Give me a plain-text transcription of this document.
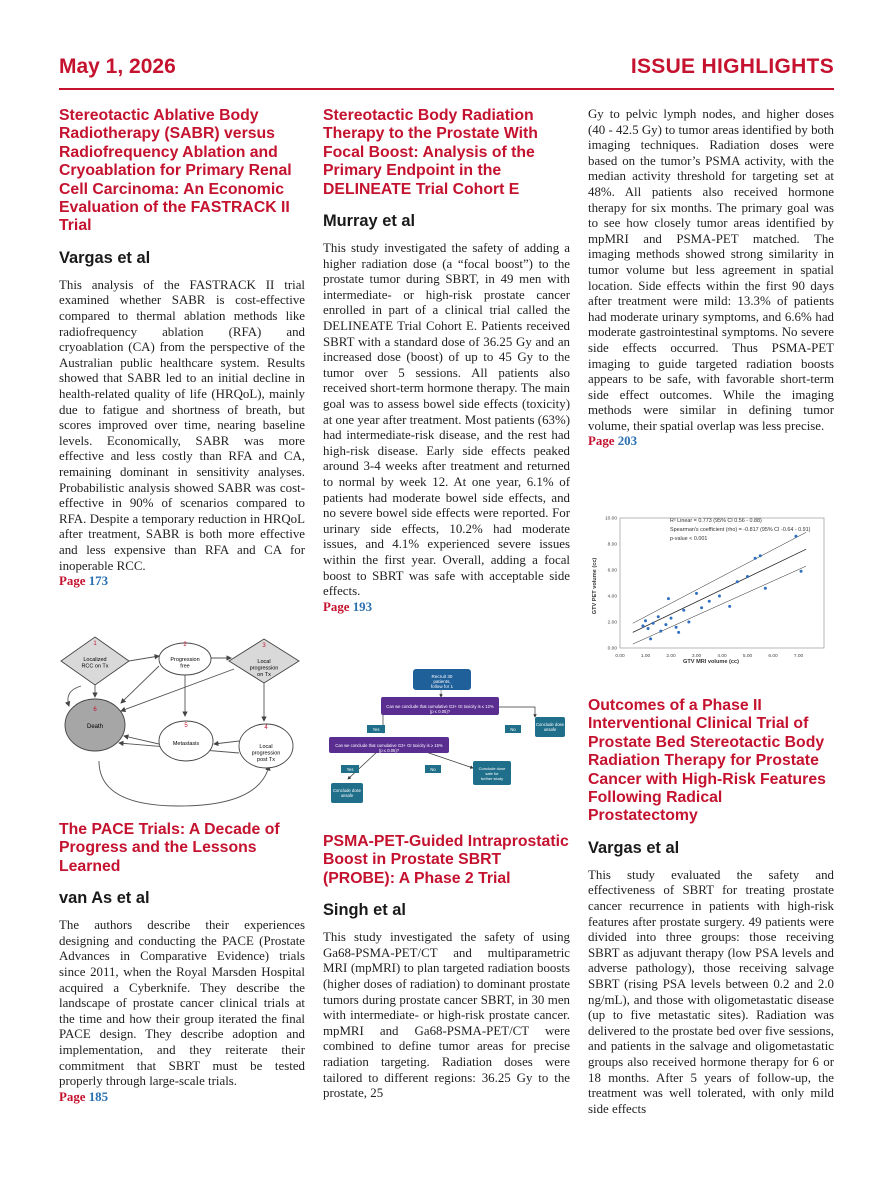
May 1, 2026	ISSUE HIGHLIGHTS
Stereotactic Ablative Body Radiotherapy (SABR) versus Radiofrequency Ablation and Cryoablation for Primary Renal Cell Carcinoma: An Economic Evaluation of the FASTRACK II Trial
Vargas et al

This analysis of the FASTRACK II trial examined whether SABR is cost-effective compared to thermal ablation methods like radiofrequency ablation (RFA) and cryoablation (CA) from the perspective of the Australian public healthcare system. Results showed that SABR led to an initial decline in health-related quality of life (HRQoL), mainly due to fatigue and shortness of breath, but scores improved over time, nearing baseline levels. Economically, SABR was more effective and less costly than RFA and CA, remaining dominant in sensitivity analyses. Probabilistic analysis showed SABR was cost-effective in 90% of scenarios compared to RFA. Despite a temporary reduction in HRQoL after treatment, SABR is both more effective and less expensive than RFA and CA for inoperable RCC.

Page 173

1
Localized RCC on Tx
2
Progression free
3
Local progression on Tx
6
Death	5
Metastasis
4
Local progression post Tx
The PACE Trials: A Decade of Progress and the Lessons Learned
van As et al

The authors describe their experiences designing and conducting the PACE (Prostate Advances in Comparative Evidence) trials since 2011, when the Royal Marsden Hospital acquired a Cyberknife. They describe the landscape of prostate cancer clinical trials at the time and how their group iterated the final PACE design. They describe adoption and implementation, and they reiterate their commitment that SBRT must be tested properly through large-scale trials.

Page 185

Stereotactic Body Radiation Therapy to the Prostate With Focal Boost: Analysis of the Primary Endpoint in the DELINEATE Trial Cohort E
Murray et al

This study investigated the safety of adding a higher radiation dose (a “focal boost”) to the prostate tumor during SBRT, in 49 men with intermediate- or high-risk prostate cancer enrolled in part of a clinical trial called the DELINEATE Trial Cohort E. Patients received SBRT with a standard dose of 36.25 Gy and an increased dose (boost) of up to 45 Gy to the tumor over 5 sessions. All patients also received short-term hormone therapy. The main goal was to assess bowel side effects (toxicity) at one year after treatment. Most patients (63%) had intermediate-risk disease, and the rest had high-risk disease. Early side effects peaked around 3-4 weeks after treatment and returned to normal by week 12. At one year, 6.1% of patients had moderate bowel side effects, and no severe bowel side effects were reported. For urinary side effects, 10.2% had moderate issues, and 4.1% experienced severe issues within the first year. Overall, adding a focal boost to SBRT was safe with acceptable side effects.

Page 193

Recruit 30 patients, follow for 1 year
Can we conclude that cumulative G3+ GI toxicity is ≤ 12% (p ≤ 0.05)?
Yes	No
Conclude dose unsafe
Can we conclude that cumulative G3+ GI toxicity is ≥ 15% (p ≤ 0.05)?
Yes	No
Conclude dose unsafe
Conclude dose safe for further study
PSMA-PET-Guided Intraprostatic Boost in Prostate SBRT (PROBE): A Phase 2 Trial
Singh et al

This study investigated the safety of using Ga68-PSMA-PET/CT and multiparametric MRI (mpMRI) to plan targeted radiation boosts (higher doses of radiation) to dominant prostate tumors during prostate cancer SBRT, in 30 men with intermediate- or high-risk prostate cancer. mpMRI and Ga68-PSMA-PET/CT were combined to define tumor areas for precise radiation targeting. Radiation doses were tailored to different regions: 36.25 Gy to the prostate, 25

Gy to pelvic lymph nodes, and higher doses (40 - 42.5 Gy) to tumor areas identified by both imaging techniques. Radiation doses were based on the tumor’s PSMA activity, with the median activity threshold for targeting set at 48%. All patients also received hormone therapy for six months. The primary goal was to see how closely tumor areas identified by mpMRI and PSMA-PET matched. The imaging methods showed strong similarity in tumor volume but less agreement in spatial location. Side effects within the first 90 days after treatment were mild: 13.3% of patients had moderate urinary symptoms, and 6.6% had moderate gastrointestinal symptoms. No severe side effects occurred. Thus PSMA-PET imaging to guide targeted radiation boosts appears to be safe, with favorable short-term side effect outcomes. While the imaging methods were similar in defining tumor volume, their spatial overlap was less precise.

Page 203

0.00	1.00	2.00	3.00	4.00	5.00	6.00	7.00
0.00
2.00
4.00
6.00
8.00
10.00	R² Linear = 0.773 (95% CI 0.56 - 0.88)
Spearman's coefficient (rho) = -0.817 (95% CI -0.64 - 0.91)
p-value < 0.001
GTV MRI volume (cc)
GTV PET volume (cc)
Outcomes of a Phase II Interventional Clinical Trial of Prostate Bed Stereotactic Body Radiation Therapy for Prostate Cancer with High-Risk Features Following Radical Prostatectomy
Vargas et al

This study evaluated the safety and effectiveness of SBRT for treating prostate cancer recurrence in patients with high-risk features after prostate surgery. 49 patients were divided into three groups: those receiving SBRT as adjuvant therapy (low PSA levels and adverse pathology), those receiving salvage SBRT (rising PSA levels between 0.2 and 2.0 ng/mL), and those with oligometastatic disease (up to five metastatic sites). Radiation was delivered to the prostate bed over five sessions, and patients in the salvage and oligometastatic groups also received hormone therapy for 6 or 18 months. After 5 years of follow-up, the treatment was well tolerated, with only mild side effects
